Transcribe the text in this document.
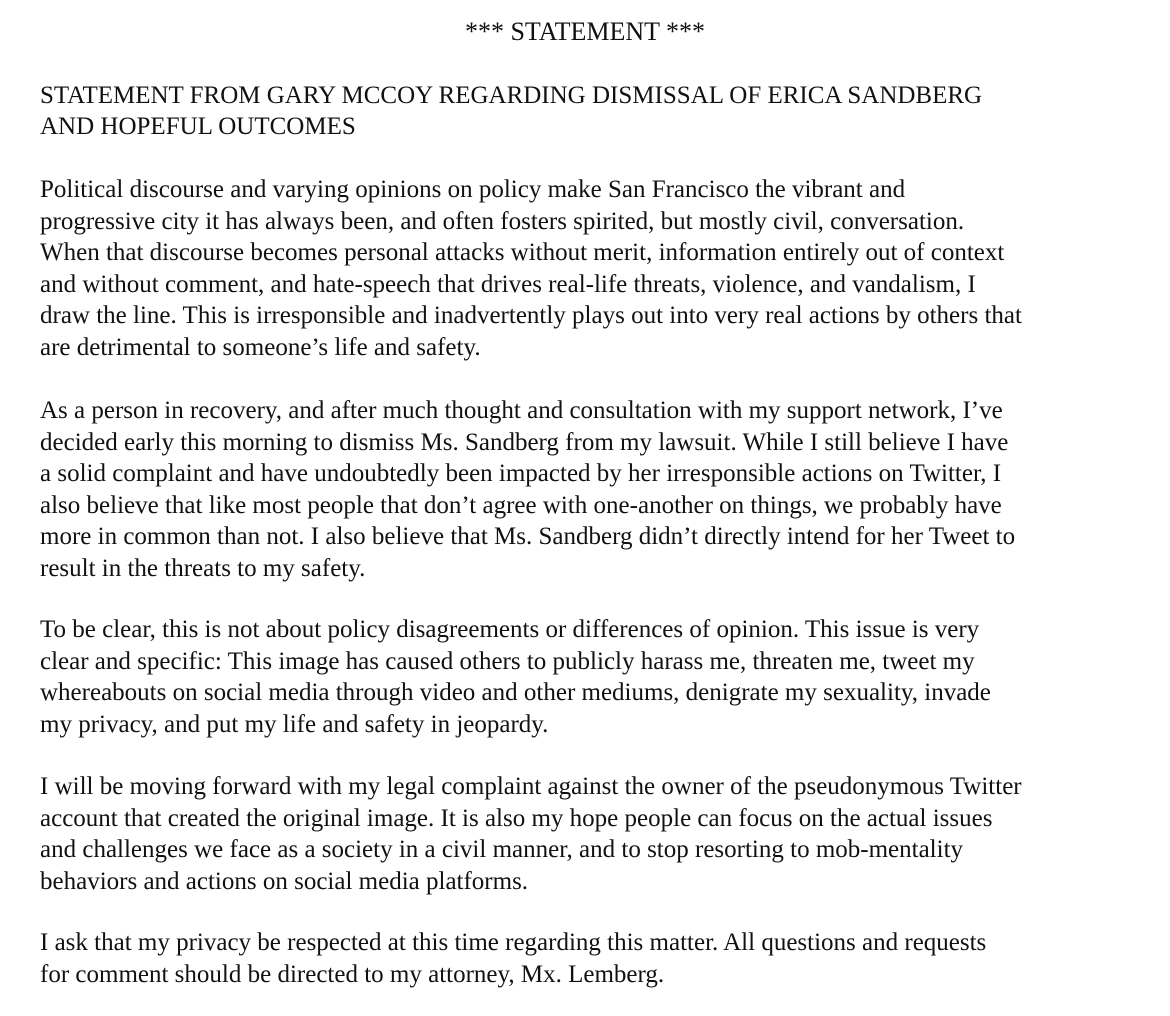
*** STATEMENT ***
STATEMENT FROM GARY MCCOY REGARDING DISMISSAL OF ERICA SANDBERG
AND HOPEFUL OUTCOMES
Political discourse and varying opinions on policy make San Francisco the vibrant and
progressive city it has always been, and often fosters spirited, but mostly civil, conversation.
When that discourse becomes personal attacks without merit, information entirely out of context
and without comment, and hate-speech that drives real-life threats, violence, and vandalism, I
draw the line. This is irresponsible and inadvertently plays out into very real actions by others that
are detrimental to someone’s life and safety.
As a person in recovery, and after much thought and consultation with my support network, I’ve
decided early this morning to dismiss Ms. Sandberg from my lawsuit. While I still believe I have
a solid complaint and have undoubtedly been impacted by her irresponsible actions on Twitter, I
also believe that like most people that don’t agree with one-another on things, we probably have
more in common than not. I also believe that Ms. Sandberg didn’t directly intend for her Tweet to
result in the threats to my safety.
To be clear, this is not about policy disagreements or differences of opinion. This issue is very
clear and specific: This image has caused others to publicly harass me, threaten me, tweet my
whereabouts on social media through video and other mediums, denigrate my sexuality, invade
my privacy, and put my life and safety in jeopardy.
I will be moving forward with my legal complaint against the owner of the pseudonymous Twitter
account that created the original image. It is also my hope people can focus on the actual issues
and challenges we face as a society in a civil manner, and to stop resorting to mob-mentality
behaviors and actions on social media platforms.
I ask that my privacy be respected at this time regarding this matter. All questions and requests
for comment should be directed to my attorney, Mx. Lemberg.
